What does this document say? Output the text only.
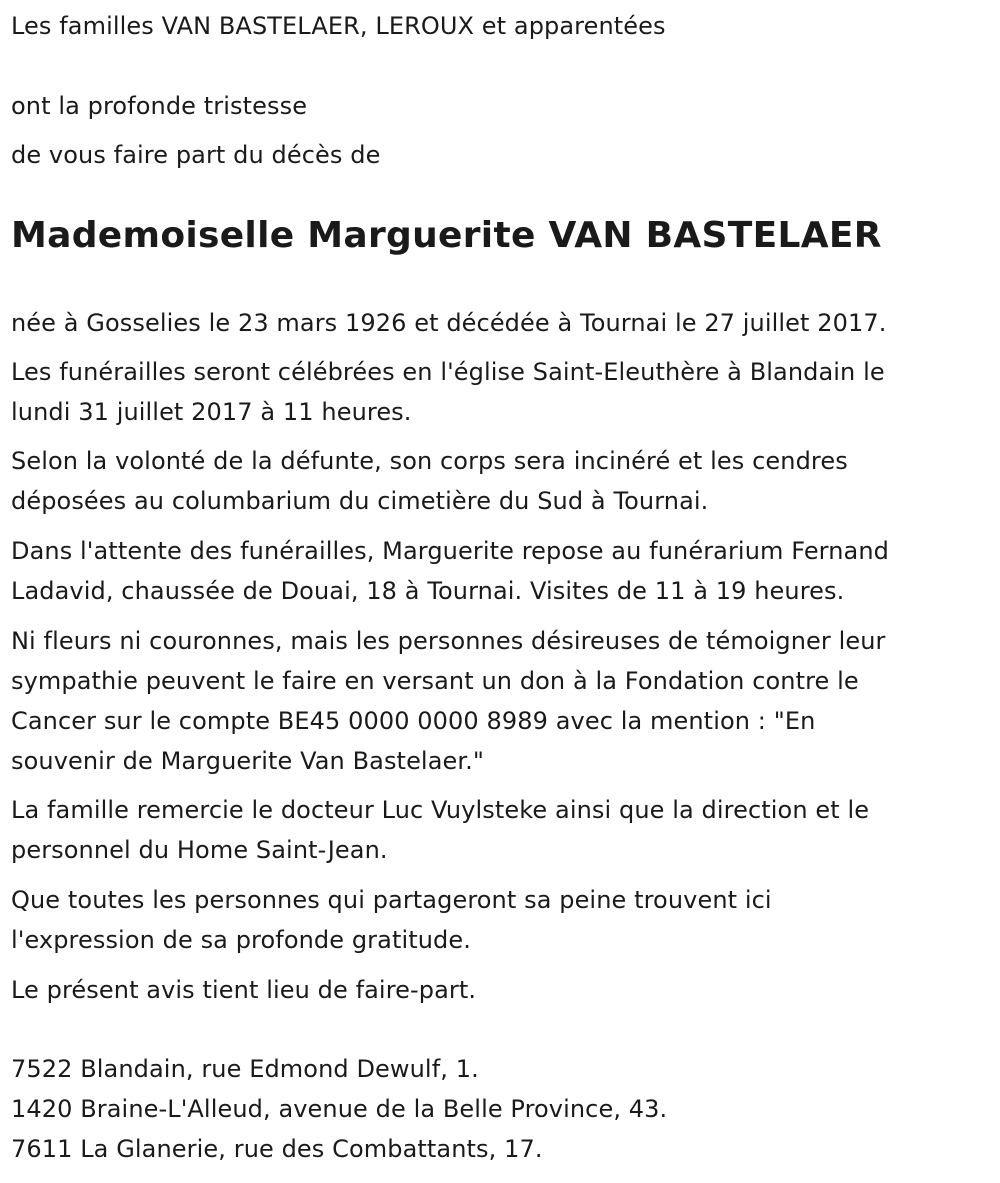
Les familles VAN BASTELAER, LEROUX et apparentées
ont la profonde tristesse
de vous faire part du décès de
Mademoiselle Marguerite VAN BASTELAER
née à Gosselies le 23 mars 1926 et décédée à Tournai le 27 juillet 2017.
Les funérailles seront célébrées en l'église Saint-Eleuthère à Blandain le
lundi 31 juillet 2017 à 11 heures.
Selon la volonté de la défunte, son corps sera incinéré et les cendres
déposées au columbarium du cimetière du Sud à Tournai.
Dans l'attente des funérailles, Marguerite repose au funérarium Fernand
Ladavid, chaussée de Douai, 18 à Tournai. Visites de 11 à 19 heures.
Ni fleurs ni couronnes, mais les personnes désireuses de témoigner leur
sympathie peuvent le faire en versant un don à la Fondation contre le
Cancer sur le compte BE45 0000 0000 8989 avec la mention : "En
souvenir de Marguerite Van Bastelaer."
La famille remercie le docteur Luc Vuylsteke ainsi que la direction et le
personnel du Home Saint-Jean.
Que toutes les personnes qui partageront sa peine trouvent ici
l'expression de sa profonde gratitude.
Le présent avis tient lieu de faire-part.
7522 Blandain, rue Edmond Dewulf, 1.
1420 Braine-L'Alleud, avenue de la Belle Province, 43.
7611 La Glanerie, rue des Combattants, 17.
